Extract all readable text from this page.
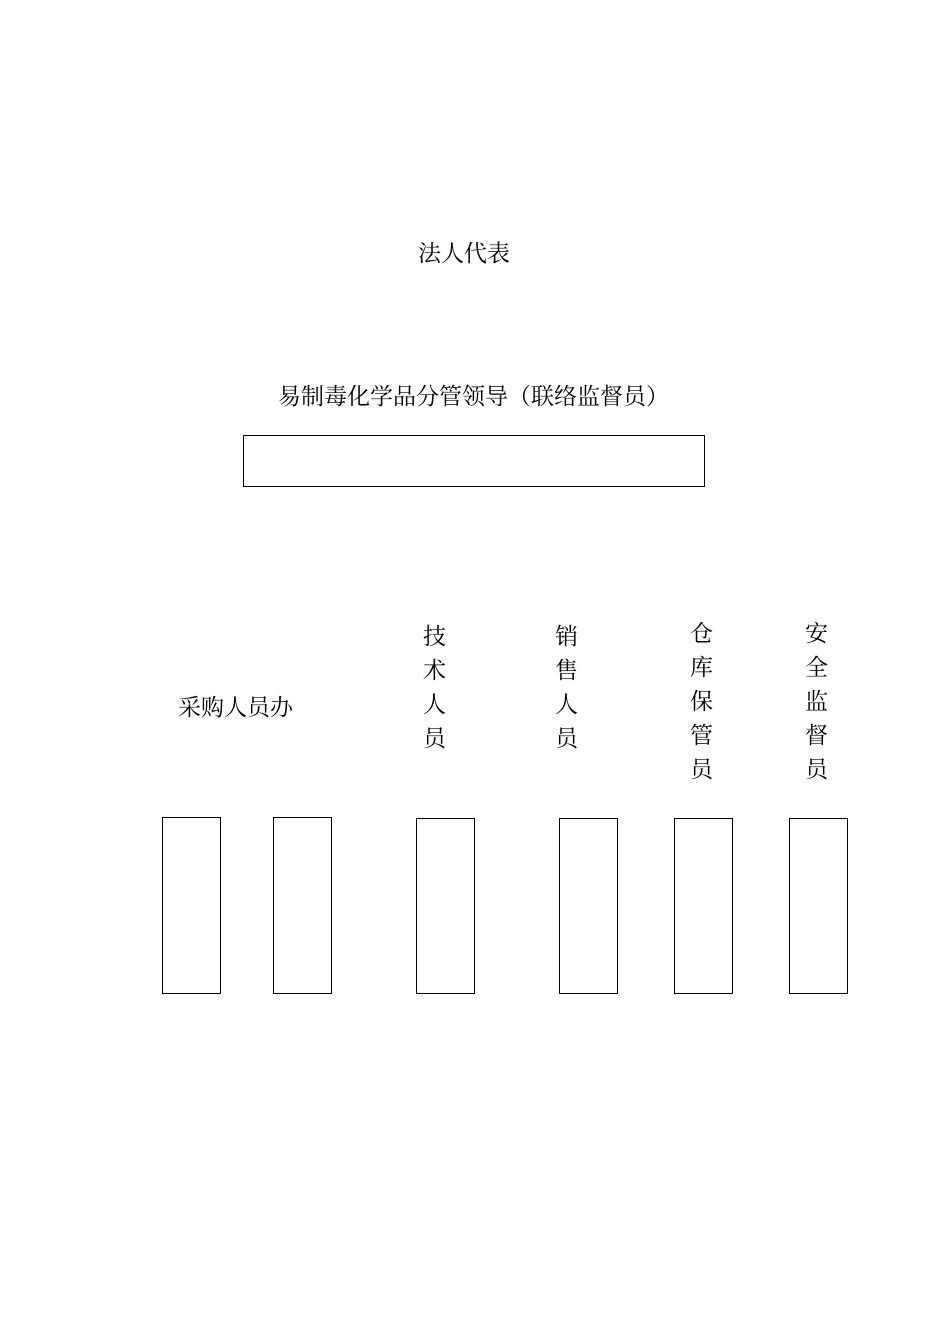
法人代表
易制毒化学品分管领导（联络监督员）
采购人员办	技术人员	销售人员	仓库保管员	安全监督员
